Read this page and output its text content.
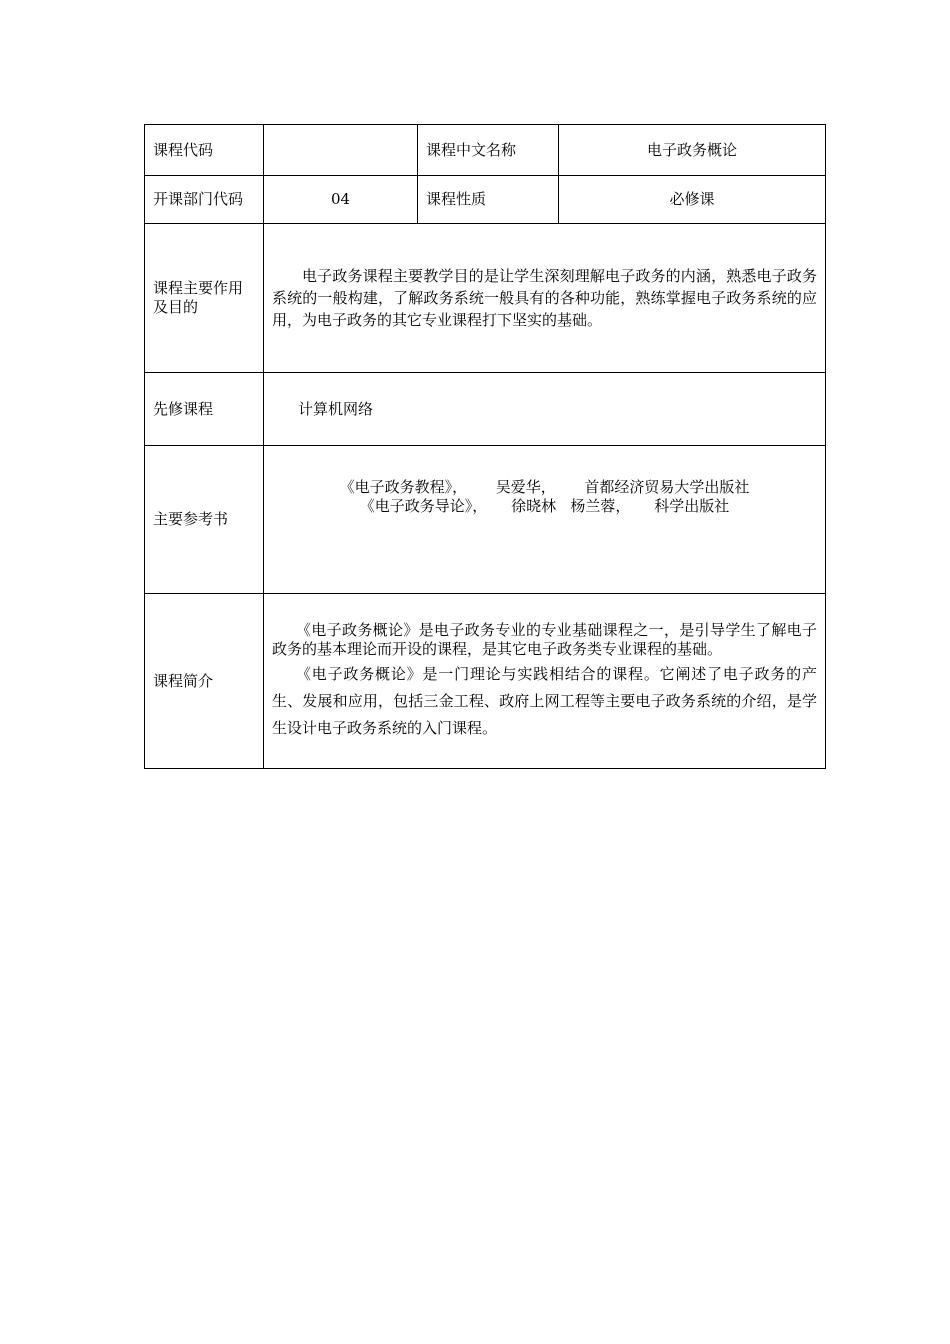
课程代码		课程中文名称	电子政务概论
开课部门代码	04	课程性质	必修课
课程主要作用及目的	电子政务课程主要教学目的是让学生深刻理解电子政务的内涵，熟悉电子政务系统的一般构建，了解政务系统一般具有的各种功能，熟练掌握电子政务系统的应用，为电子政务的其它专业课程打下坚实的基础。		

先修课程	计算机网络		
主要参考书	《电子政务教程》，      吴爱华，      首都经济贸易大学出版社

《电子政务导论》，     徐晓林   杨兰蓉，     科学出版社		

课程简介	《电子政务概论》是电子政务专业的专业基础课程之一，是引导学生了解电子政务的基本理论而开设的课程，是其它电子政务类专业课程的基础。

《电子政务概论》是一门理论与实践相结合的课程。它阐述了电子政务的产生、发展和应用，包括三金工程、政府上网工程等主要电子政务系统的介绍，是学生设计电子政务系统的入门课程。		
